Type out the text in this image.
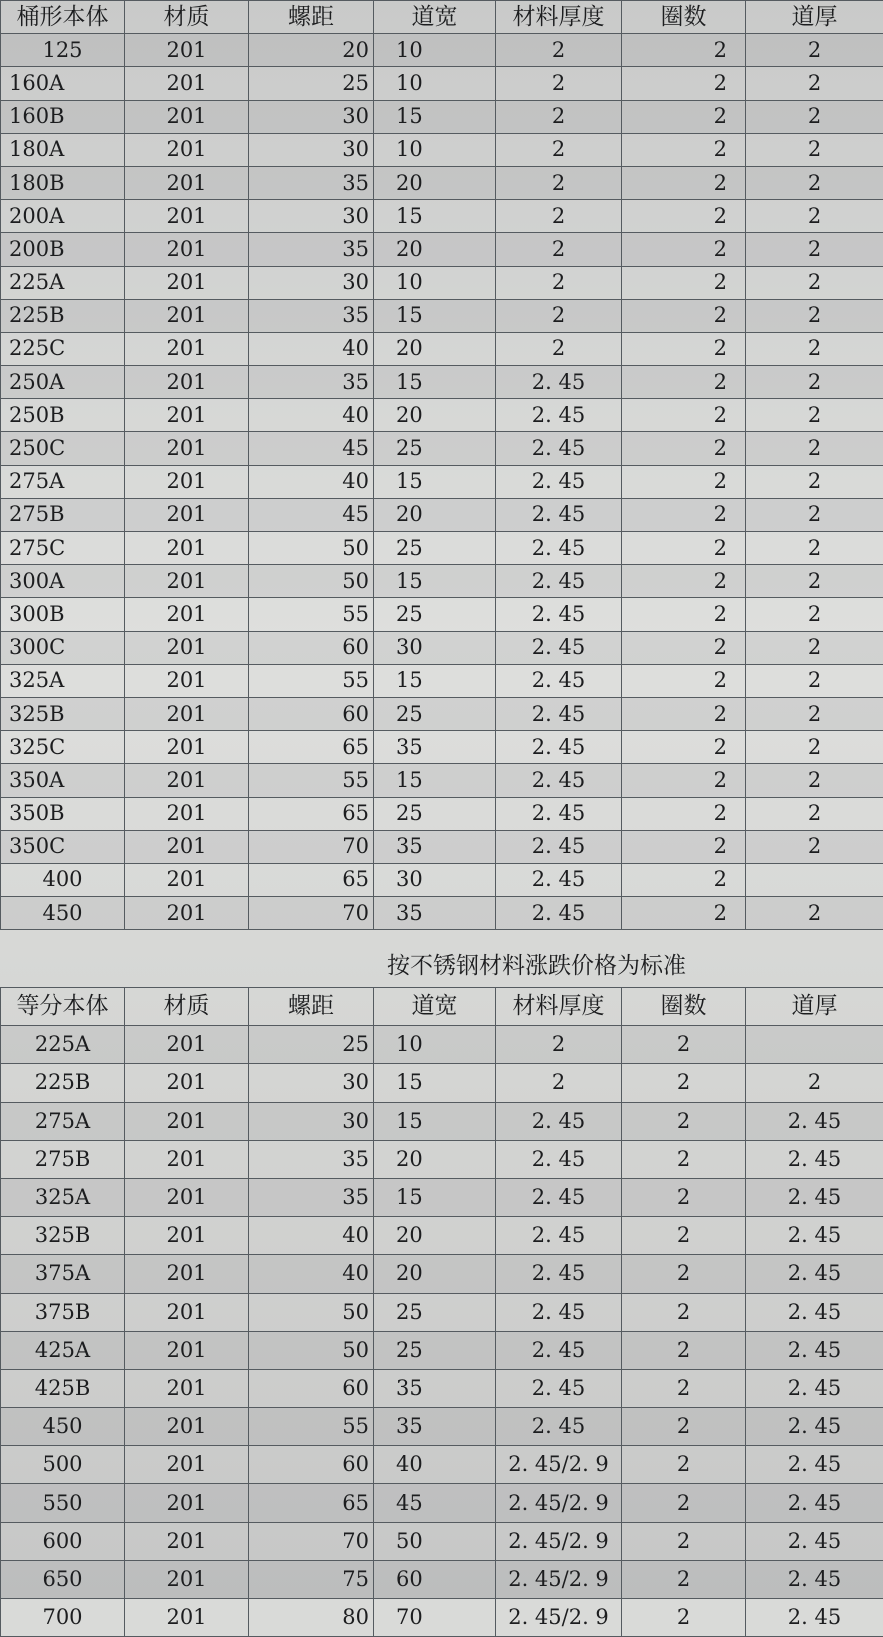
桶形本体	材质	螺距	道宽	材料厚度	圈数	道厚
125	201	20	10	2	2	2
160A	201	25	10	2	2	2
160B	201	30	15	2	2	2
180A	201	30	10	2	2	2
180B	201	35	20	2	2	2
200A	201	30	15	2	2	2
200B	201	35	20	2	2	2
225A	201	30	10	2	2	2
225B	201	35	15	2	2	2
225C	201	40	20	2	2	2
250A	201	35	15	2. 45	2	2
250B	201	40	20	2. 45	2	2
250C	201	45	25	2. 45	2	2
275A	201	40	15	2. 45	2	2
275B	201	45	20	2. 45	2	2
275C	201	50	25	2. 45	2	2
300A	201	50	15	2. 45	2	2
300B	201	55	25	2. 45	2	2
300C	201	60	30	2. 45	2	2
325A	201	55	15	2. 45	2	2
325B	201	60	25	2. 45	2	2
325C	201	65	35	2. 45	2	2
350A	201	55	15	2. 45	2	2
350B	201	65	25	2. 45	2	2
350C	201	70	35	2. 45	2	2
400	201	65	30	2. 45	2	
450	201	70	35	2. 45	2	2
按不锈钢材料涨跌价格为标准
等分本体	材质	螺距	道宽	材料厚度	圈数	道厚
225A	201	25	10	2	2	
225B	201	30	15	2	2	2
275A	201	30	15	2. 45	2	2. 45
275B	201	35	20	2. 45	2	2. 45
325A	201	35	15	2. 45	2	2. 45
325B	201	40	20	2. 45	2	2. 45
375A	201	40	20	2. 45	2	2. 45
375B	201	50	25	2. 45	2	2. 45
425A	201	50	25	2. 45	2	2. 45
425B	201	60	35	2. 45	2	2. 45
450	201	55	35	2. 45	2	2. 45
500	201	60	40	2. 45/2. 9	2	2. 45
550	201	65	45	2. 45/2. 9	2	2. 45
600	201	70	50	2. 45/2. 9	2	2. 45
650	201	75	60	2. 45/2. 9	2	2. 45
700	201	80	70	2. 45/2. 9	2	2. 45
